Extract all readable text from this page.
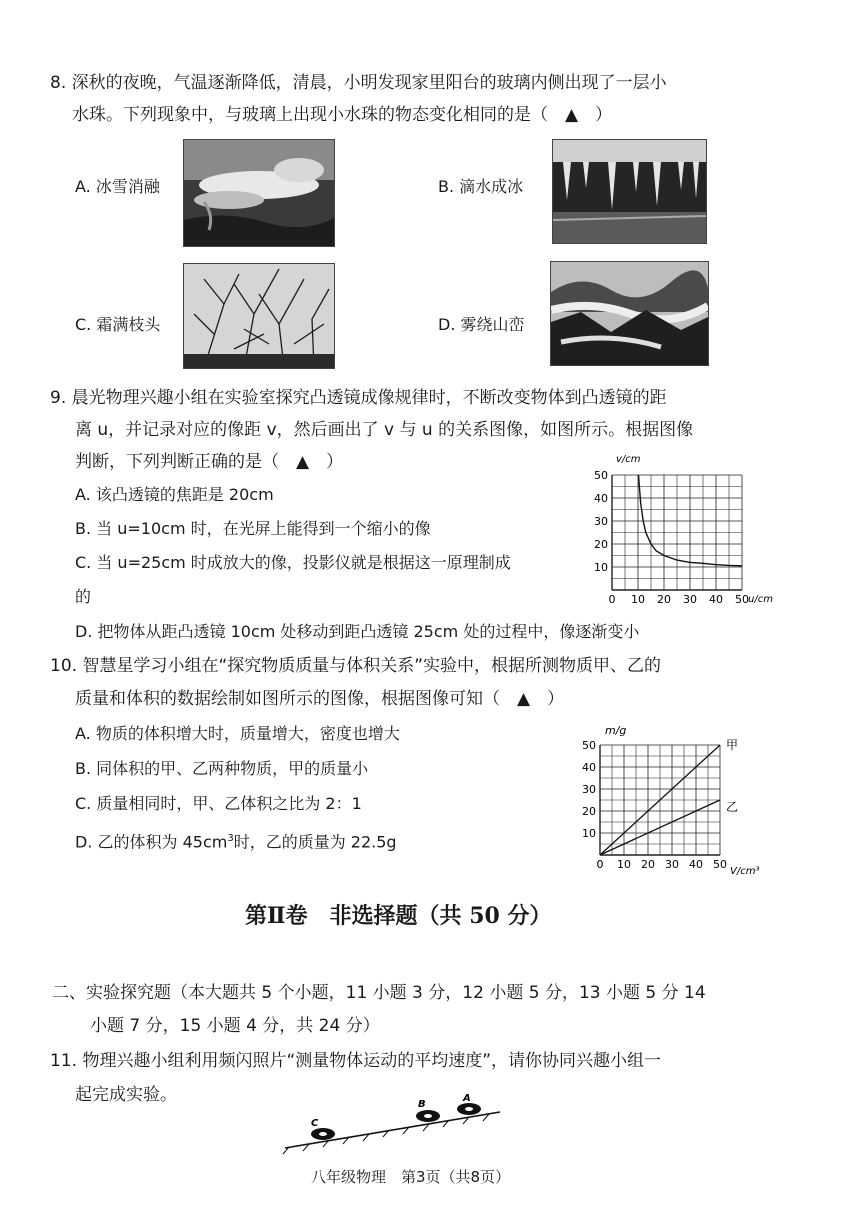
8. 深秋的夜晚，气温逐渐降低，清晨，小明发现家里阳台的玻璃内侧出现了一层小
水珠。下列现象中，与玻璃上出现小水珠的物态变化相同的是（　▲　）
A. 冰雪消融	B. 滴水成冰
C. 霜满枝头	D. 雾绕山峦
9. 晨光物理兴趣小组在实验室探究凸透镜成像规律时，不断改变物体到凸透镜的距
离 u，并记录对应的像距 v，然后画出了 v 与 u 的关系图像，如图所示。根据图像
判断，下列判断正确的是（　▲　）
A. 该凸透镜的焦距是 20cm
B. 当 u=10cm 时，在光屏上能得到一个缩小的像
C. 当 u=25cm 时成放大的像，投影仪就是根据这一原理制成
的
D. 把物体从距凸透镜 10cm 处移动到距凸透镜 25cm 处的过程中，像逐渐变小
0 10 20 30 40 50
10
20
30
40
50
v/cm
u/cm
10. 智慧星学习小组在“探究物质质量与体积关系”实验中，根据所测物质甲、乙的
质量和体积的数据绘制如图所示的图像，根据图像可知（　▲　）
A. 物质的体积增大时，质量增大，密度也增大
B. 同体积的甲、乙两种物质，甲的质量小
C. 质量相同时，甲、乙体积之比为 2：1
D. 乙的体积为 $45cm^3$时，乙的质量为 22.5g
0 10 20 30 40 50
10
20
30
40
50
m/g
V/cm³
甲
乙
第Ⅱ卷　非选择题（共 50 分）
二、实验探究题（本大题共 5 个小题，11 小题 3 分，12 小题 5 分，13 小题 5 分 14
小题 7 分，15 小题 4 分，共 24 分）
11. 物理兴趣小组利用频闪照片“测量物体运动的平均速度”，请你协同兴趣小组一
起完成实验。
C
B
A
八年级物理　第3页（共8页）
